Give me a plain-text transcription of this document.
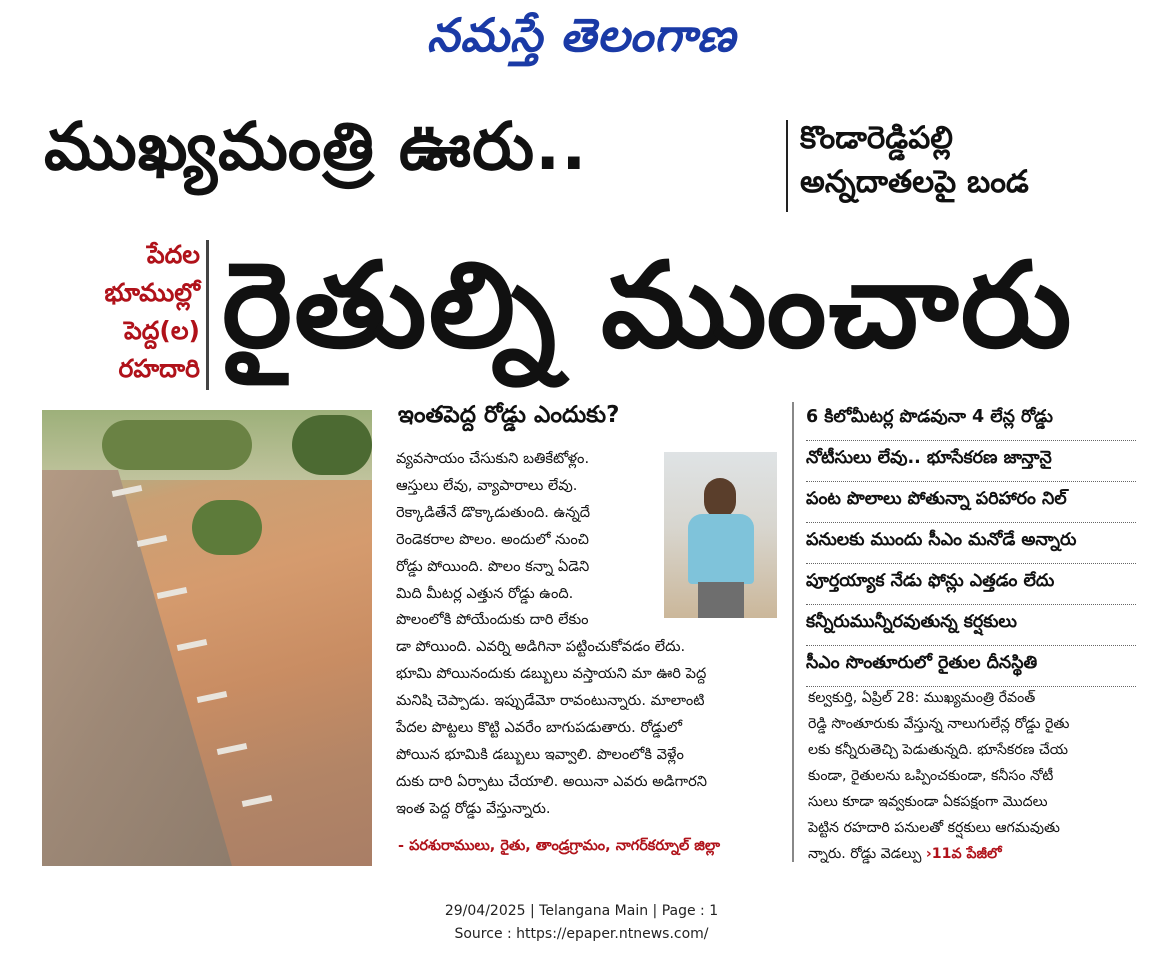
నమస్తే తెలంగాణ
ముఖ్యమంత్రి ఊరు..	కొండారెడ్డిపల్లి
అన్నదాతలపై బండ
పేదల
భూముల్లో
పెద్ద(ల)
రహదారి రైతుల్ని ముంచారు
ఇంతపెద్ద రోడ్డు ఎందుకు?
వ్యవసాయం చేసుకుని బతికేటోళ్లం.
ఆస్తులు లేవు, వ్యాపారాలు లేవు.
రెక్కాడితేనే డొక్కాడుతుంది. ఉన్నదే
రెండెకరాల పొలం. అందులో నుంచి
రోడ్డు పోయింది. పొలం కన్నా ఏడెని
మిది మీటర్ల ఎత్తున రోడ్డు ఉంది.
పొలంలోకి పోయేందుకు దారి లేకుం
డా పోయింది. ఎవర్ని అడిగినా పట్టించుకోవడం లేదు.
భూమి పోయినందుకు డబ్బులు వస్తాయని మా ఊరి పెద్ద
మనిషి చెప్పాడు. ఇప్పుడేమో రావంటున్నారు. మాలాంటి
పేదల పొట్టలు కొట్టి ఎవరేం బాగుపడుతారు. రోడ్డులో
పోయిన భూమికి డబ్బులు ఇవ్వాలి. పొలంలోకి వెళ్లేం
దుకు దారి ఏర్పాటు చేయాలి. అయినా ఎవరు అడిగారని
ఇంత పెద్ద రోడ్డు వేస్తున్నారు.
- పరశురాములు, రైతు, తాండ్రగ్రామం, నాగర్‌కర్నూల్ జిల్లా
6 కిలోమీటర్ల పొడవునా 4 లేన్ల రోడ్డు
నోటీసులు లేవు.. భూసేకరణ జాన్తానై
పంట పొలాలు పోతున్నా పరిహారం నిల్
పనులకు ముందు సీఎం మనోడే అన్నారు
పూర్తయ్యాక నేడు ఫోన్లు ఎత్తడం లేదు
కన్నీరుమున్నీరవుతున్న కర్షకులు
సీఎం సొంతూరులో రైతుల దీనస్థితి
కల్వకుర్తి, ఏప్రిల్ 28: ముఖ్యమంత్రి రేవంత్
రెడ్డి సొంతూరుకు వేస్తున్న నాలుగులేన్ల రోడ్డు రైతు
లకు కన్నీరుతెచ్చి పెడుతున్నది. భూసేకరణ చేయ
కుండా, రైతులను ఒప్పించకుండా, కనీసం నోటీ
సులు కూడా ఇవ్వకుండా ఏకపక్షంగా మొదలు
పెట్టిన రహదారి పనులతో కర్షకులు ఆగమవుతు
న్నారు. రోడ్డు వెడల్పు ›11వ పేజీలో
29/04/2025 | Telangana Main | Page : 1
Source : https://epaper.ntnews.com/
